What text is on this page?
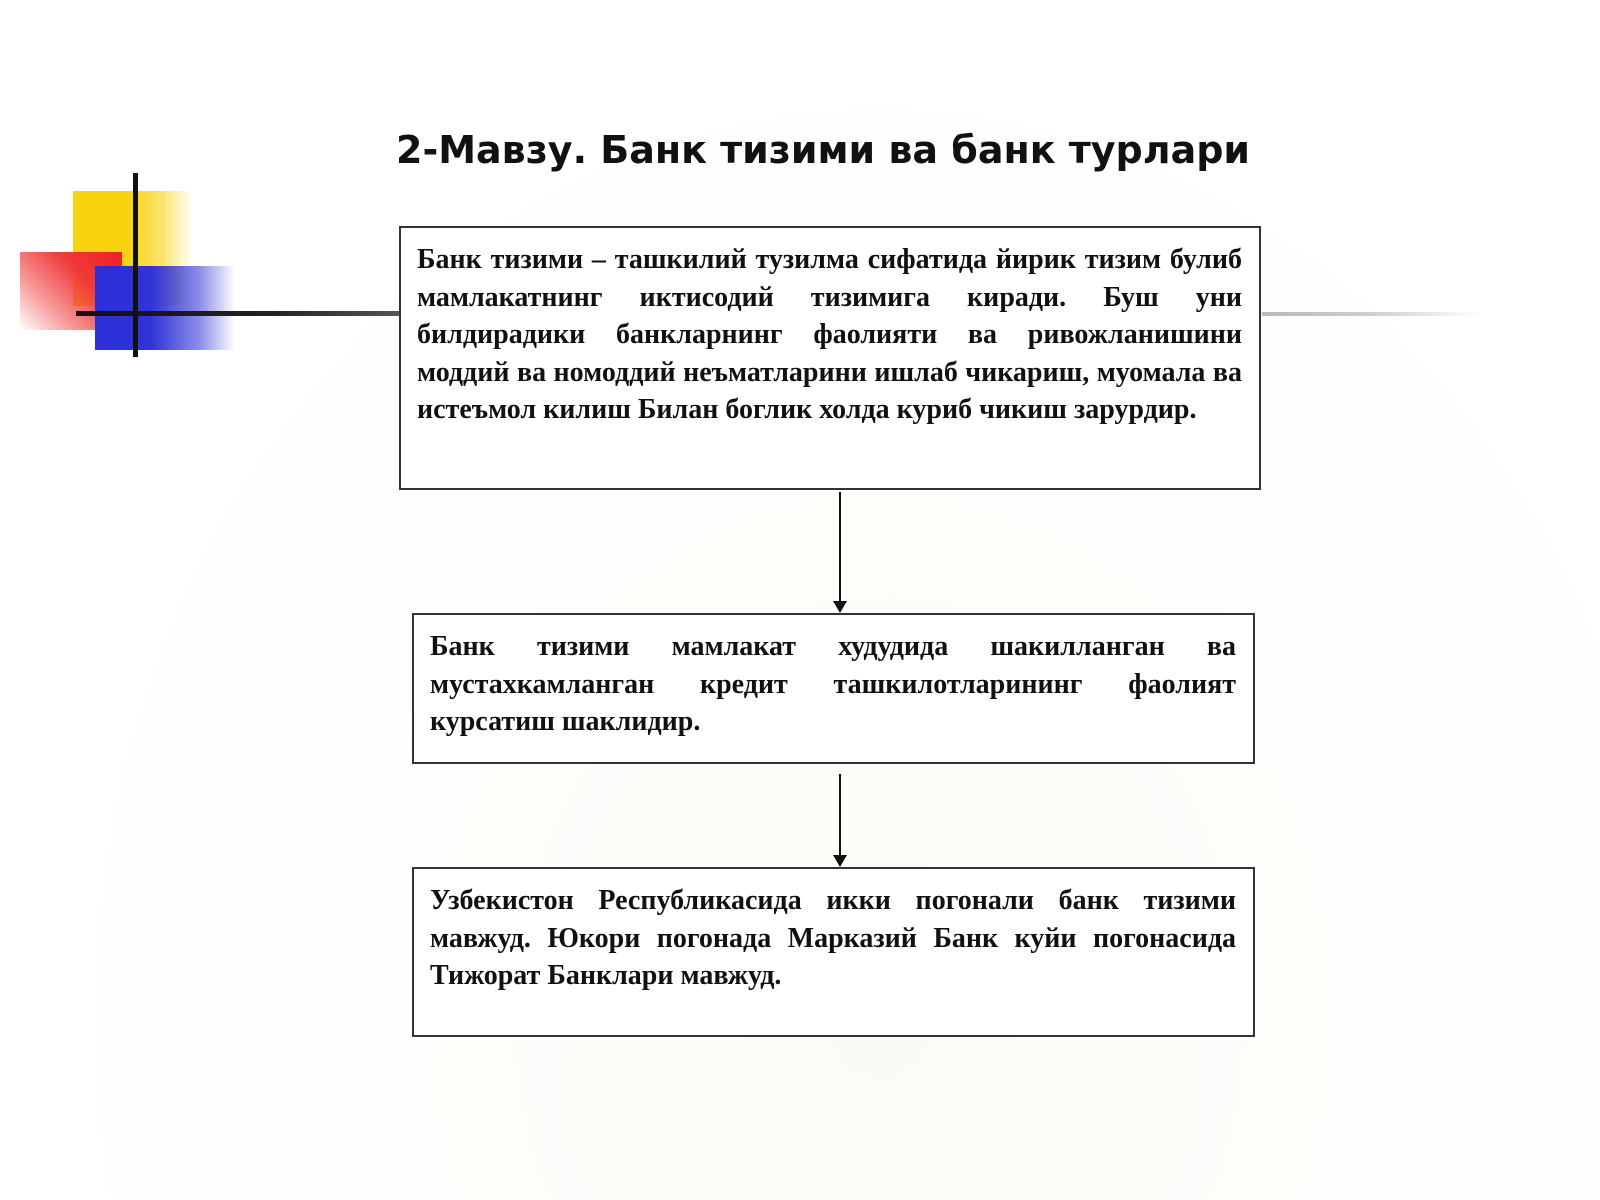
2-Мавзу. Банк тизими ва банк турлари

Банк тизими – ташкилий тузилма сифатида йирик тизим булиб мамлакатнинг иктисодий тизимига киради. Буш уни билдирадики банкларнинг фаолияти ва ривожланишини моддий ва номоддий неъматларини ишлаб чикариш, муомала ва истеъмол килиш Билан боглик холда куриб чикиш зарурдир.

Банк тизими мамлакат худудида шакилланган ва мустахкамланган кредит ташкилотларининг фаолият курсатиш шаклидир.

Узбекистон Республикасида икки погонали банк тизими мавжуд. Юкори погонада Марказий Банк куйи погонасида Тижорат Банклари мавжуд.
